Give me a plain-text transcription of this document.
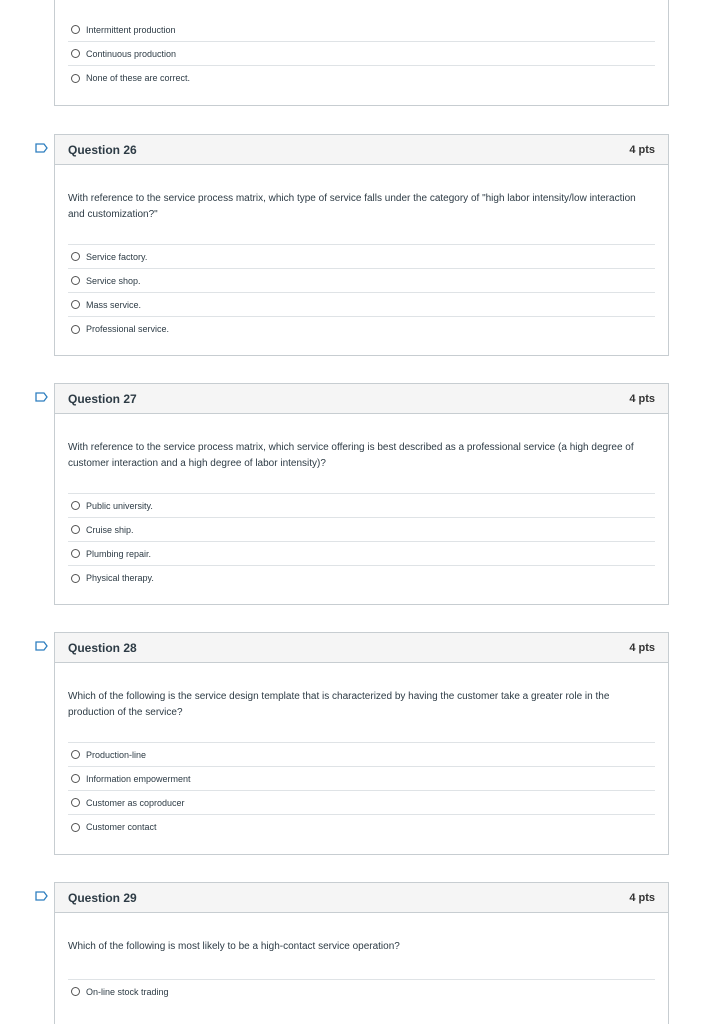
Intermittent production
Continuous production
None of these are correct.
Question 26	4 pts

With reference to the service process matrix, which type of service falls under the category of "high labor intensity/low interaction and customization?"

Service factory.
Service shop.
Mass service.
Professional service.
Question 27	4 pts

With reference to the service process matrix, which service offering is best described as a professional service (a high degree of customer interaction and a high degree of labor intensity)?

Public university.
Cruise ship.
Plumbing repair.
Physical therapy.
Question 28	4 pts

Which of the following is the service design template that is characterized by having the customer take a greater role in the production of the service?

Production-line
Information empowerment
Customer as coproducer
Customer contact
Question 29	4 pts

Which of the following is most likely to be a high-contact service operation?

On-line stock trading
